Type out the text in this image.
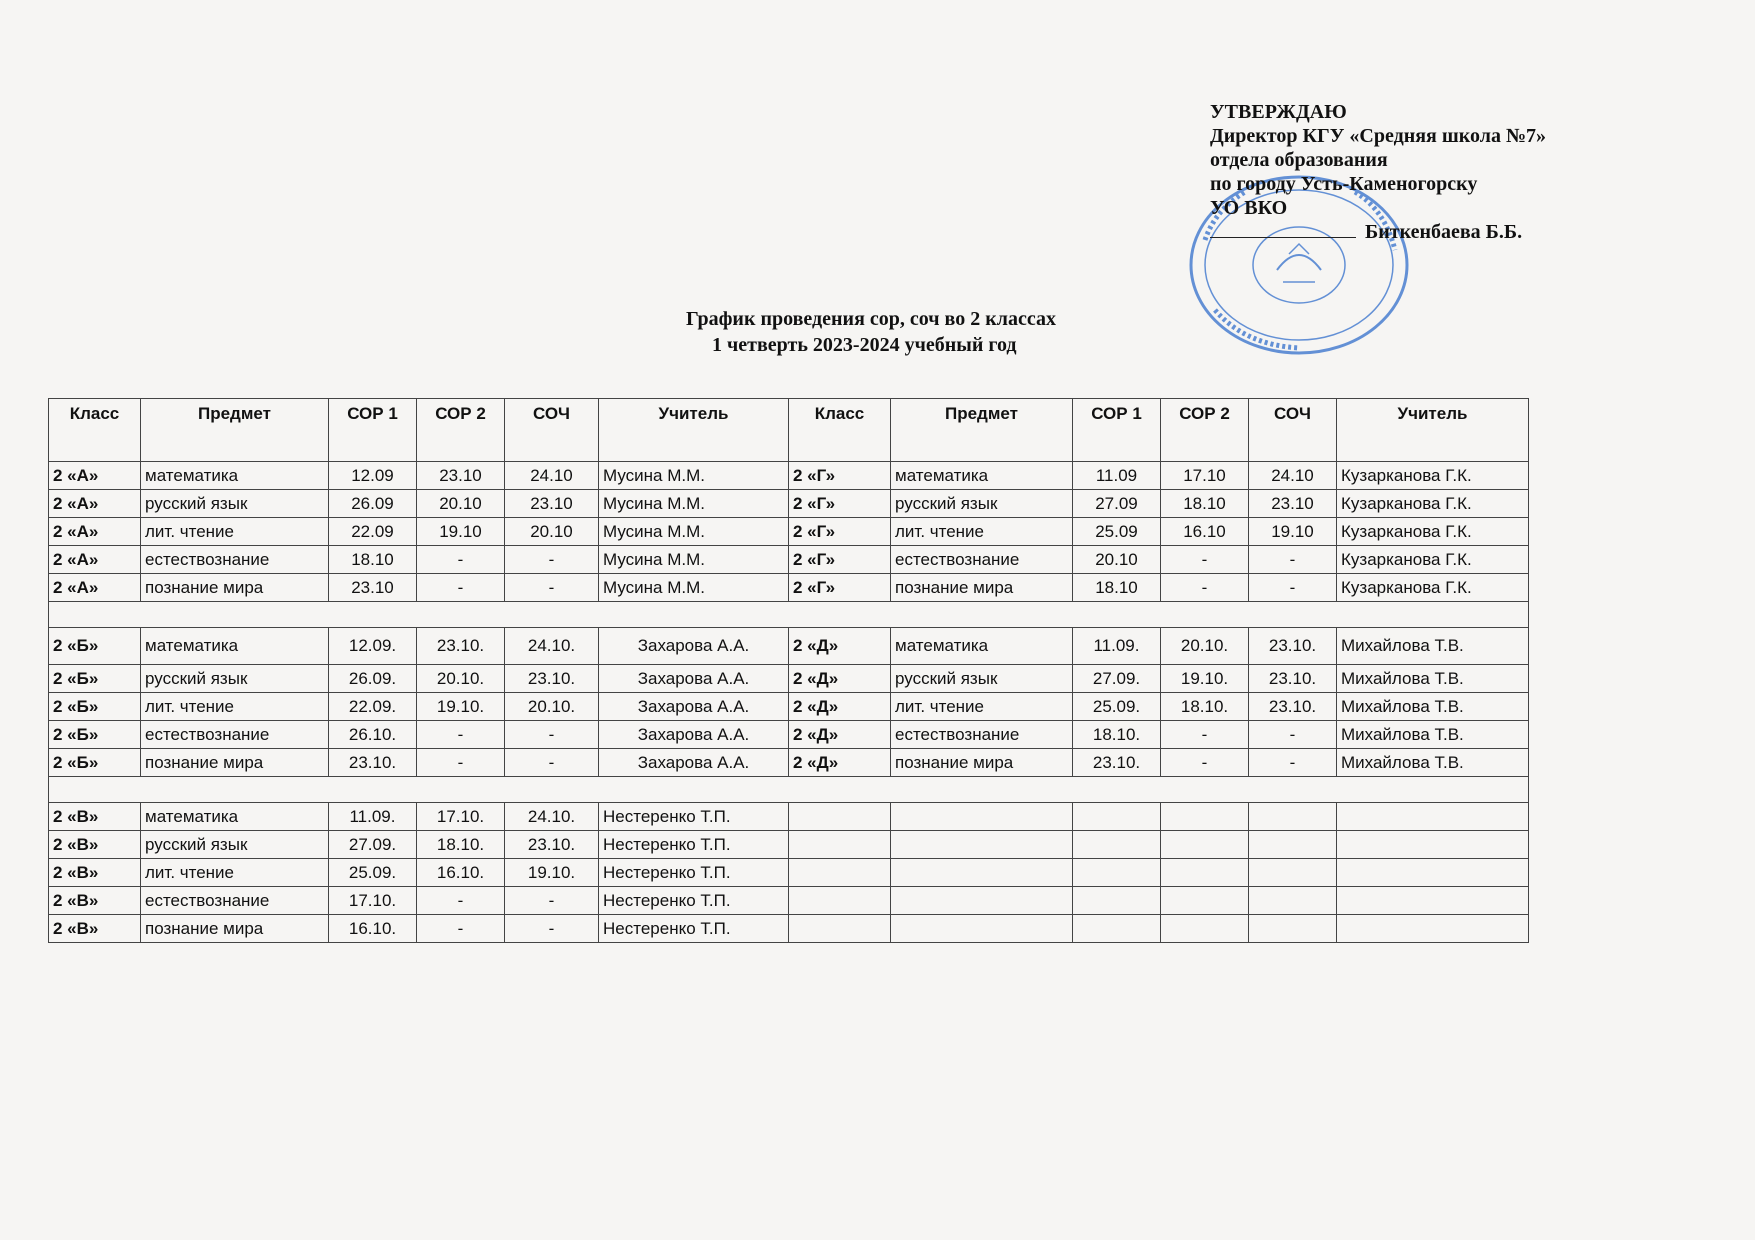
УТВЕРЖДАЮ
Директор КГУ «Средняя школа №7»
отдела образования
по городу Усть-Каменогорску
УО ВКО
Биткенбаева Б.Б.
График проведения сор, соч во 2 классах
1 четверть 2023-2024 учебный год
Класс	Предмет	СОР 1	СОР 2	СОЧ	Учитель	Класс	Предмет	СОР 1	СОР 2	СОЧ	Учитель
2 «А»	математика	12.09	23.10	24.10	Мусина М.М.	2 «Г»	математика	11.09	17.10	24.10	Кузарканова Г.К.
2 «А»	русский язык	26.09	20.10	23.10	Мусина М.М.	2 «Г»	русский язык	27.09	18.10	23.10	Кузарканова Г.К.
2 «А»	лит. чтение	22.09	19.10	20.10	Мусина М.М.	2 «Г»	лит. чтение	25.09	16.10	19.10	Кузарканова Г.К.
2 «А»	естествознание	18.10	-	-	Мусина М.М.	2 «Г»	естествознание	20.10	-	-	Кузарканова Г.К.
2 «А»	познание мира	23.10	-	-	Мусина М.М.	2 «Г»	познание мира	18.10	-	-	Кузарканова Г.К.

2 «Б»	математика	12.09.	23.10.	24.10.	Захарова А.А.	2 «Д»	математика	11.09.	20.10.	23.10.	Михайлова Т.В.
2 «Б»	русский язык	26.09.	20.10.	23.10.	Захарова А.А.	2 «Д»	русский язык	27.09.	19.10.	23.10.	Михайлова Т.В.
2 «Б»	лит. чтение	22.09.	19.10.	20.10.	Захарова А.А.	2 «Д»	лит. чтение	25.09.	18.10.	23.10.	Михайлова Т.В.
2 «Б»	естествознание	26.10.	-	-	Захарова А.А.	2 «Д»	естествознание	18.10.	-	-	Михайлова Т.В.
2 «Б»	познание мира	23.10.	-	-	Захарова А.А.	2 «Д»	познание мира	23.10.	-	-	Михайлова Т.В.

2 «В»	математика	11.09.	17.10.	24.10.	Нестеренко Т.П.						
2 «В»	русский язык	27.09.	18.10.	23.10.	Нестеренко Т.П.						
2 «В»	лит. чтение	25.09.	16.10.	19.10.	Нестеренко Т.П.						
2 «В»	естествознание	17.10.	-	-	Нестеренко Т.П.						
2 «В»	познание мира	16.10.	-	-	Нестеренко Т.П.						
